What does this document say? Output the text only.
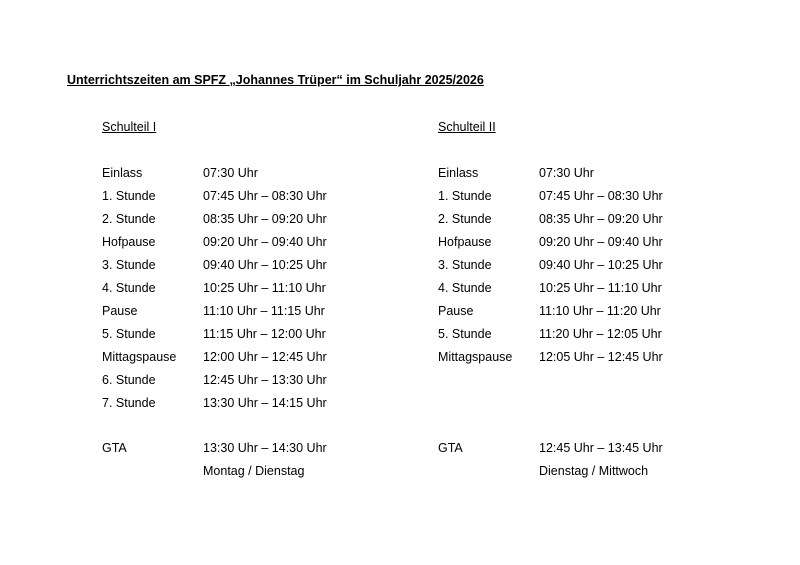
Unterrichtszeiten am SPFZ „Johannes Trüper“ im Schuljahr 2025/2026
Schulteil I
Einlass	07:30 Uhr
1. Stunde	07:45 Uhr – 08:30 Uhr
2. Stunde	08:35 Uhr – 09:20 Uhr
Hofpause	09:20 Uhr – 09:40 Uhr
3. Stunde	09:40 Uhr – 10:25 Uhr
4. Stunde	10:25 Uhr – 11:10 Uhr
Pause	11:10 Uhr – 11:15 Uhr
5. Stunde	11:15 Uhr – 12:00 Uhr
Mittagspause 12:00 Uhr – 12:45 Uhr
6. Stunde	12:45 Uhr – 13:30 Uhr
7. Stunde	13:30 Uhr – 14:15 Uhr
GTA	13:30 Uhr – 14:30 Uhr
Montag / Dienstag
Schulteil II
Einlass	07:30 Uhr
1. Stunde	07:45 Uhr – 08:30 Uhr
2. Stunde	08:35 Uhr – 09:20 Uhr
Hofpause	09:20 Uhr – 09:40 Uhr
3. Stunde	09:40 Uhr – 10:25 Uhr
4. Stunde	10:25 Uhr – 11:10 Uhr
Pause	11:10 Uhr – 11:20 Uhr
5. Stunde	11:20 Uhr – 12:05 Uhr
Mittagspause 12:05 Uhr – 12:45 Uhr
GTA	12:45 Uhr – 13:45 Uhr
Dienstag / Mittwoch
